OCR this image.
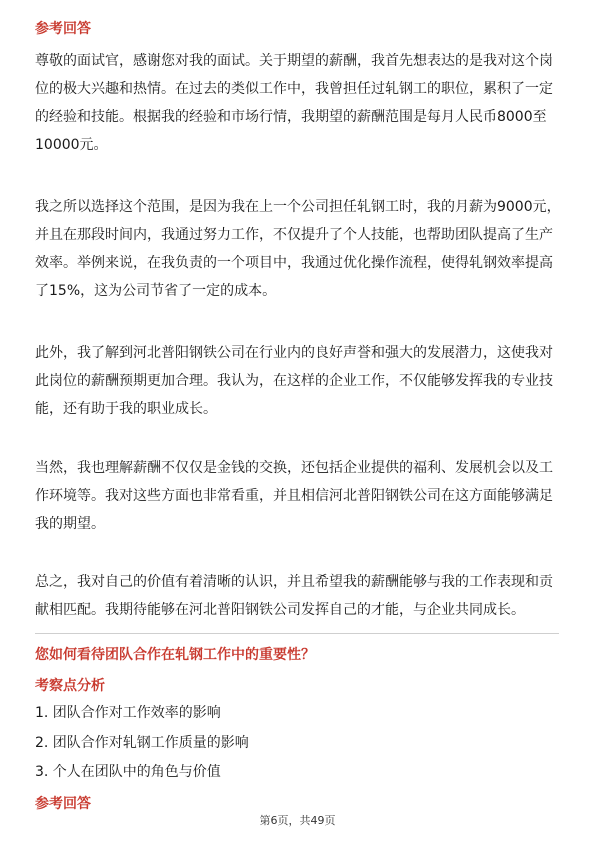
参考回答

尊敬的面试官，感谢您对我的面试。关于期望的薪酬，我首先想表达的是我对这个岗位的极大兴趣和热情。在过去的类似工作中，我曾担任过轧钢工的职位，累积了一定的经验和技能。根据我的经验和市场行情，我期望的薪酬范围是每月人民币8000至10000元。

我之所以选择这个范围，是因为我在上一个公司担任轧钢工时，我的月薪为9000元，并且在那段时间内，我通过努力工作，不仅提升了个人技能，也帮助团队提高了生产效率。举例来说，在我负责的一个项目中，我通过优化操作流程，使得轧钢效率提高了15%，这为公司节省了一定的成本。

此外，我了解到河北普阳钢铁公司在行业内的良好声誉和强大的发展潜力，这使我对此岗位的薪酬预期更加合理。我认为，在这样的企业工作，不仅能够发挥我的专业技能，还有助于我的职业成长。

当然，我也理解薪酬不仅仅是金钱的交换，还包括企业提供的福利、发展机会以及工作环境等。我对这些方面也非常看重，并且相信河北普阳钢铁公司在这方面能够满足我的期望。

总之，我对自己的价值有着清晰的认识，并且希望我的薪酬能够与我的工作表现和贡献相匹配。我期待能够在河北普阳钢铁公司发挥自己的才能，与企业共同成长。

您如何看待团队合作在轧钢工作中的重要性？
考察点分析
1. 团队合作对工作效率的影响
2. 团队合作对轧钢工作质量的影响
3. 个人在团队中的角色与价值
参考回答
第6页，共49页
